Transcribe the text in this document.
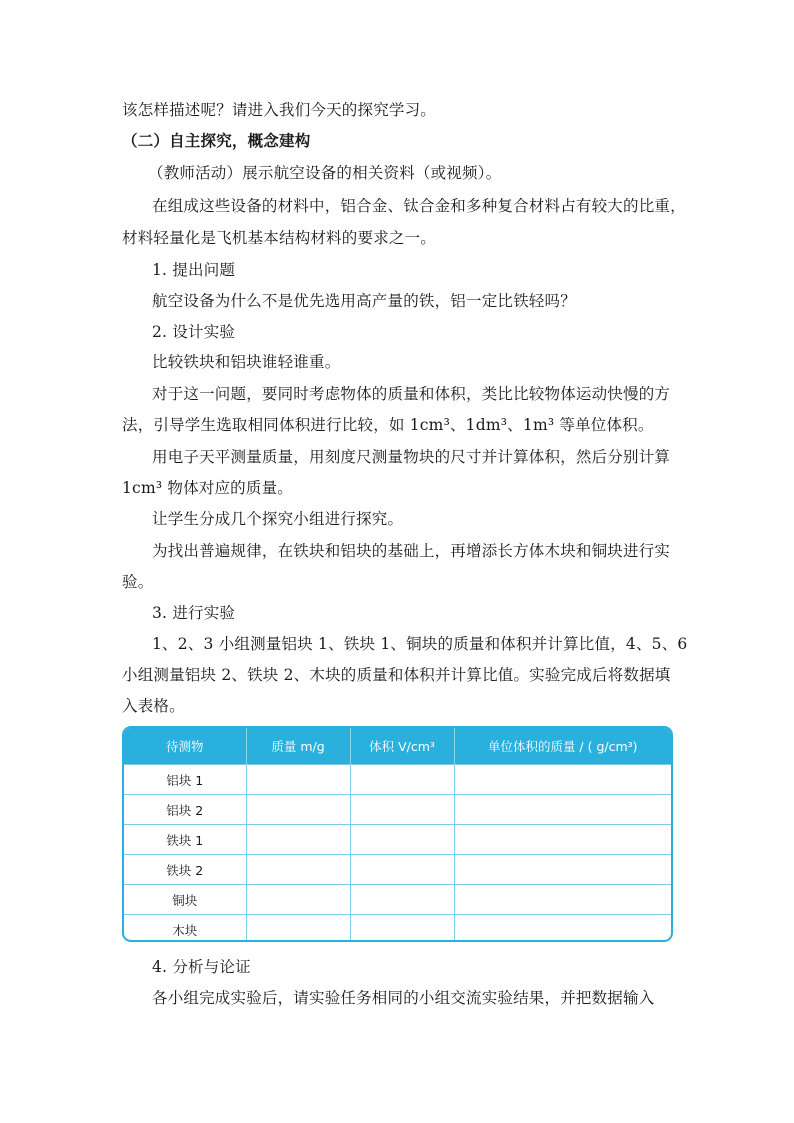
该怎样描述呢？请进入我们今天的探究学习。
（二）自主探究，概念建构
（教师活动）展示航空设备的相关资料（或视频）。
在组成这些设备的材料中，铝合金、钛合金和多种复合材料占有较大的比重，
材料轻量化是飞机基本结构材料的要求之一。
1. 提出问题
航空设备为什么不是优先选用高产量的铁，铝一定比铁轻吗？
2. 设计实验
比较铁块和铝块谁轻谁重。
对于这一问题，要同时考虑物体的质量和体积，类比比较物体运动快慢的方
法，引导学生选取相同体积进行比较，如 1cm³、1dm³、1m³ 等单位体积。
用电子天平测量质量，用刻度尺测量物块的尺寸并计算体积，然后分别计算
1cm³ 物体对应的质量。
让学生分成几个探究小组进行探究。
为找出普遍规律，在铁块和铝块的基础上，再增添长方体木块和铜块进行实
验。
3. 进行实验
1、2、3 小组测量铝块 1、铁块 1、铜块的质量和体积并计算比值，4、5、6
小组测量铝块 2、铁块 2、木块的质量和体积并计算比值。实验完成后将数据填
入表格。
待测物	质量 m/g	体积 V/cm³	单位体积的质量 / ( g/cm³)
铝块 1			
铝块 2			
铁块 1			
铁块 2			
铜块			
木块			
4. 分析与论证
各小组完成实验后，请实验任务相同的小组交流实验结果，并把数据输入
